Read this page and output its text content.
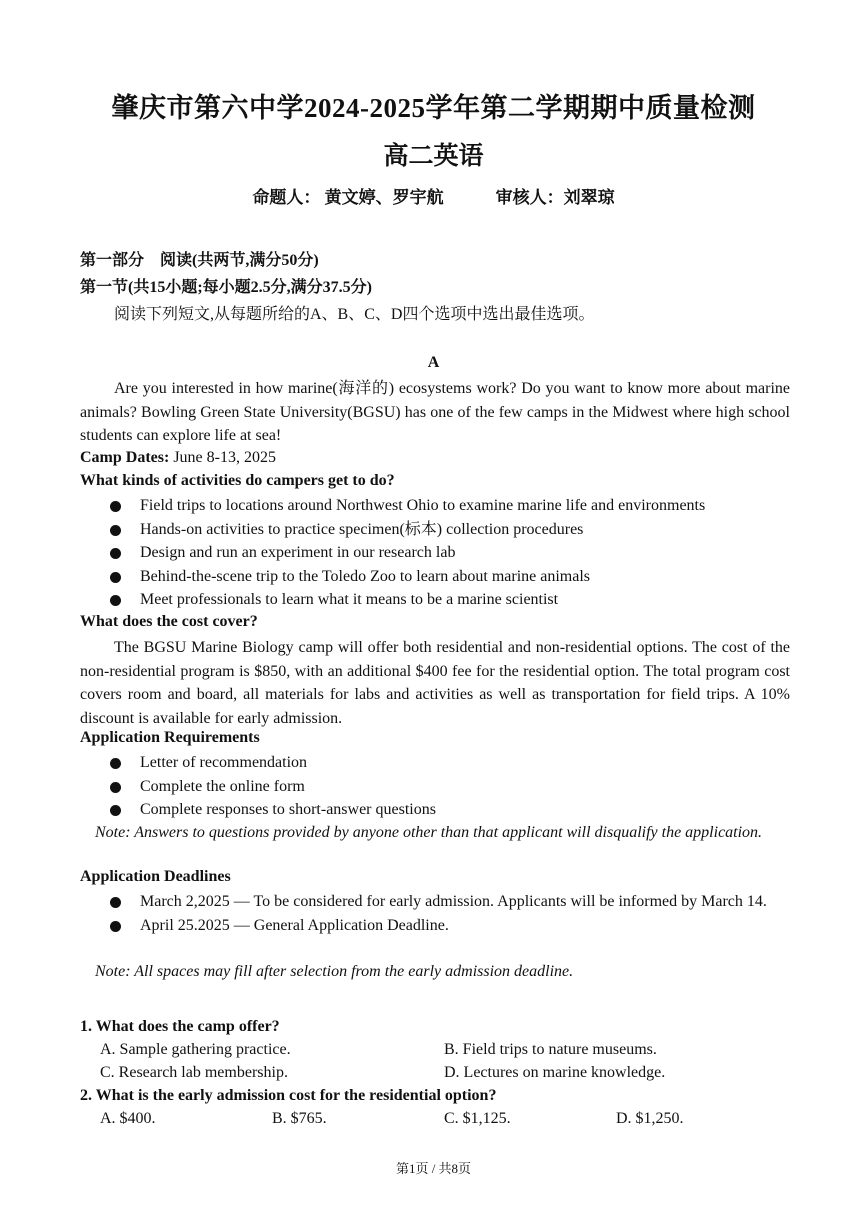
肇庆市第六中学2024-2025学年第二学期期中质量检测
高二英语
命题人： 黄文婷、罗宇航	审核人：刘翠琼
第一部分　阅读(共两节,满分50分)
第一节(共15小题;每小题2.5分,满分37.5分)
阅读下列短文,从每题所给的A、B、C、D四个选项中选出最佳选项。
A
Are you interested in how marine(海洋的) ecosystems work? Do you want to know more about marine animals? Bowling Green State University(BGSU) has one of the few camps in the Midwest where high school students can explore life at sea!
Camp Dates: June 8-13, 2025
What kinds of activities do campers get to do?
Field trips to locations around Northwest Ohio to examine marine life and environments
Hands-on activities to practice specimen(标本) collection procedures
Design and run an experiment in our research lab
Behind-the-scene trip to the Toledo Zoo to learn about marine animals
Meet professionals to learn what it means to be a marine scientist
What does the cost cover?
The BGSU Marine Biology camp will offer both residential and non-residential options. The cost of the non-residential program is $850, with an additional $400 fee for the residential option. The total program cost covers room and board, all materials for labs and activities as well as transportation for field trips. A 10% discount is available for early admission.
Application Requirements
Letter of recommendation
Complete the online form
Complete responses to short-answer questions
Note: Answers to questions provided by anyone other than that applicant will disqualify the application.
Application Deadlines
March 2,2025 — To be considered for early admission. Applicants will be informed by March 14.
April 25.2025 — General Application Deadline.
Note: All spaces may fill after selection from the early admission deadline.
1. What does the camp offer?
A. Sample gathering practice.	B. Field trips to nature museums.
C. Research lab membership.	D. Lectures on marine knowledge.
2. What is the early admission cost for the residential option?
A. $400.	B. $765.	C. $1,125.	D. $1,250.
第1页 / 共8页
